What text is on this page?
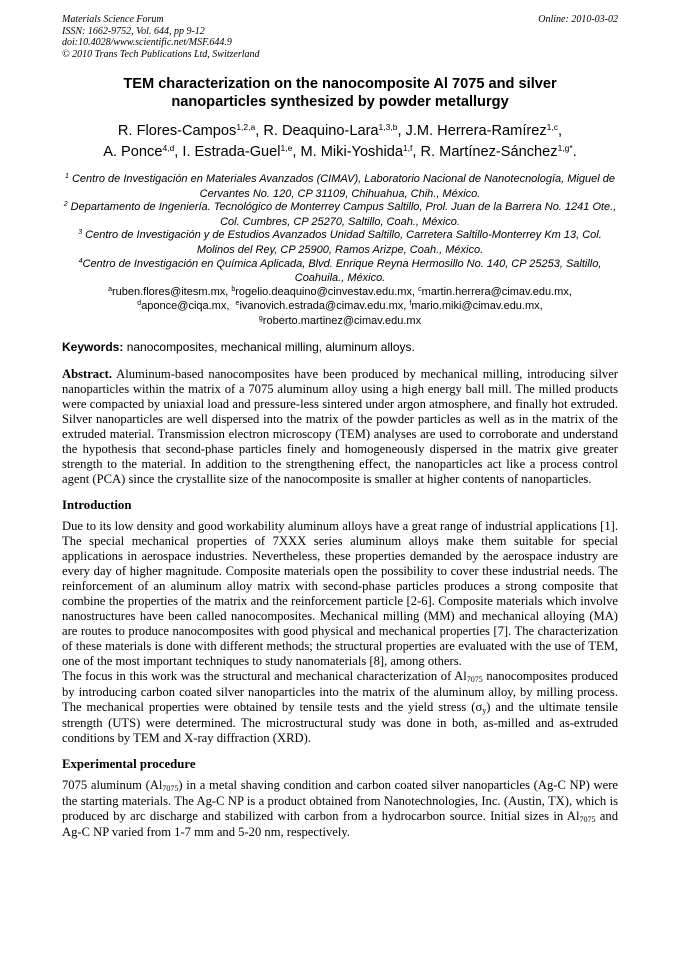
Materials Science Forum	Online: 2010-03-02
ISSN: 1662-9752, Vol. 644, pp 9-12
doi:10.4028/www.scientific.net/MSF.644.9
© 2010 Trans Tech Publications Ltd, Switzerland
TEM characterization on the nanocomposite Al 7075 and silver
nanoparticles synthesized by powder metallurgy
R. Flores-Campos$^{1,2,a}$, R. Deaquino-Lara$^{1,3,b}$, J.M. Herrera-Ramírez$^{1,c}$,
A. Ponce$^{4,d}$, I. Estrada-Guel$^{1,e}$, M. Miki-Yoshida$^{1,f}$, R. Martínez-Sánchez$^{1,g*}$.

$^1$ Centro de Investigación en Materiales Avanzados (CIMAV), Laboratorio Nacional de Nanotecnología, Miguel de Cervantes No. 120, CP 31109, Chihuahua, Chih., México.

$^2$ Departamento de Ingeniería. Tecnológico de Monterrey Campus Saltillo, Prol. Juan de la Barrera No. 1241 Ote., Col. Cumbres, CP 25270, Saltillo, Coah., México.

$^3$ Centro de Investigación y de Estudios Avanzados Unidad Saltillo, Carretera Saltillo-Monterrey Km 13, Col. Molinos del Rey, CP 25900, Ramos Arizpe, Coah., México.

$^4$Centro de Investigación en Química Aplicada, Blvd. Enrique Reyna Hermosillo No. 140, CP 25253, Saltillo, Coahuila., México.

$^a$ruben.flores@itesm.mx, $^b$rogelio.deaquino@cinvestav.edu.mx, $^c$martin.herrera@cimav.edu.mx,
$^d$aponce@ciqa.mx, $^e$ivanovich.estrada@cimav.edu.mx, $^f$mario.miki@cimav.edu.mx,
$^g$roberto.martinez@cimav.edu.mx
Keywords: nanocomposites, mechanical milling, aluminum alloys.
Abstract. Aluminum-based nanocomposites have been produced by mechanical milling, introducing silver nanoparticles within the matrix of a 7075 aluminum alloy using a high energy ball mill. The milled products were compacted by uniaxial load and pressure-less sintered under argon atmosphere, and finally hot extruded. Silver nanoparticles are well dispersed into the matrix of the powder particles as well as in the matrix of the extruded material. Transmission electron microscopy (TEM) analyses are used to corroborate and understand the hypothesis that second-phase particles finely and homogeneously dispersed in the matrix give greater strength to the material. In addition to the strengthening effect, the nanoparticles act like a process control agent (PCA) since the crystallite size of the nanocomposite is smaller at higher contents of nanoparticles.
Introduction
Due to its low density and good workability aluminum alloys have a great range of industrial applications [1]. The special mechanical properties of 7XXX series aluminum alloys make them suitable for special applications in aerospace industries. Nevertheless, these properties demanded by the aerospace industry are every day of higher magnitude. Composite materials open the possibility to cover these industrial needs. The reinforcement of an aluminum alloy matrix with second-phase particles produces a strong composite that combine the properties of the matrix and the reinforcement particle [2-6]. Composite materials which involve nanostructures have been called nanocomposites. Mechanical milling (MM) and mechanical alloying (MA) are routes to produce nanocomposites with good physical and mechanical properties [7]. The characterization of these materials is done with different methods; the structural properties are evaluated with the use of TEM, one of the most important techniques to study nanomaterials [8], among others.
The focus in this work was the structural and mechanical characterization of $Al_{7075}$ nanocomposites produced by introducing carbon coated silver nanoparticles into the matrix of the aluminum alloy, by milling process. The mechanical properties were obtained by tensile tests and the yield stress $(\sigma_y)$ and the ultimate tensile strength (UTS) were determined. The microstructural study was done in both, as-milled and as-extruded conditions by TEM and X-ray diffraction (XRD).
Experimental procedure
7075 aluminum $(Al_{7075})$ in a metal shaving condition and carbon coated silver nanoparticles (Ag-C NP) were the starting materials. The Ag-C NP is a product obtained from Nanotechnologies, Inc. (Austin, TX), which is produced by arc discharge and stabilized with carbon from a hydrocarbon source. Initial sizes in $Al_{7075}$ and Ag-C NP varied from 1-7 mm and 5-20 nm, respectively.
